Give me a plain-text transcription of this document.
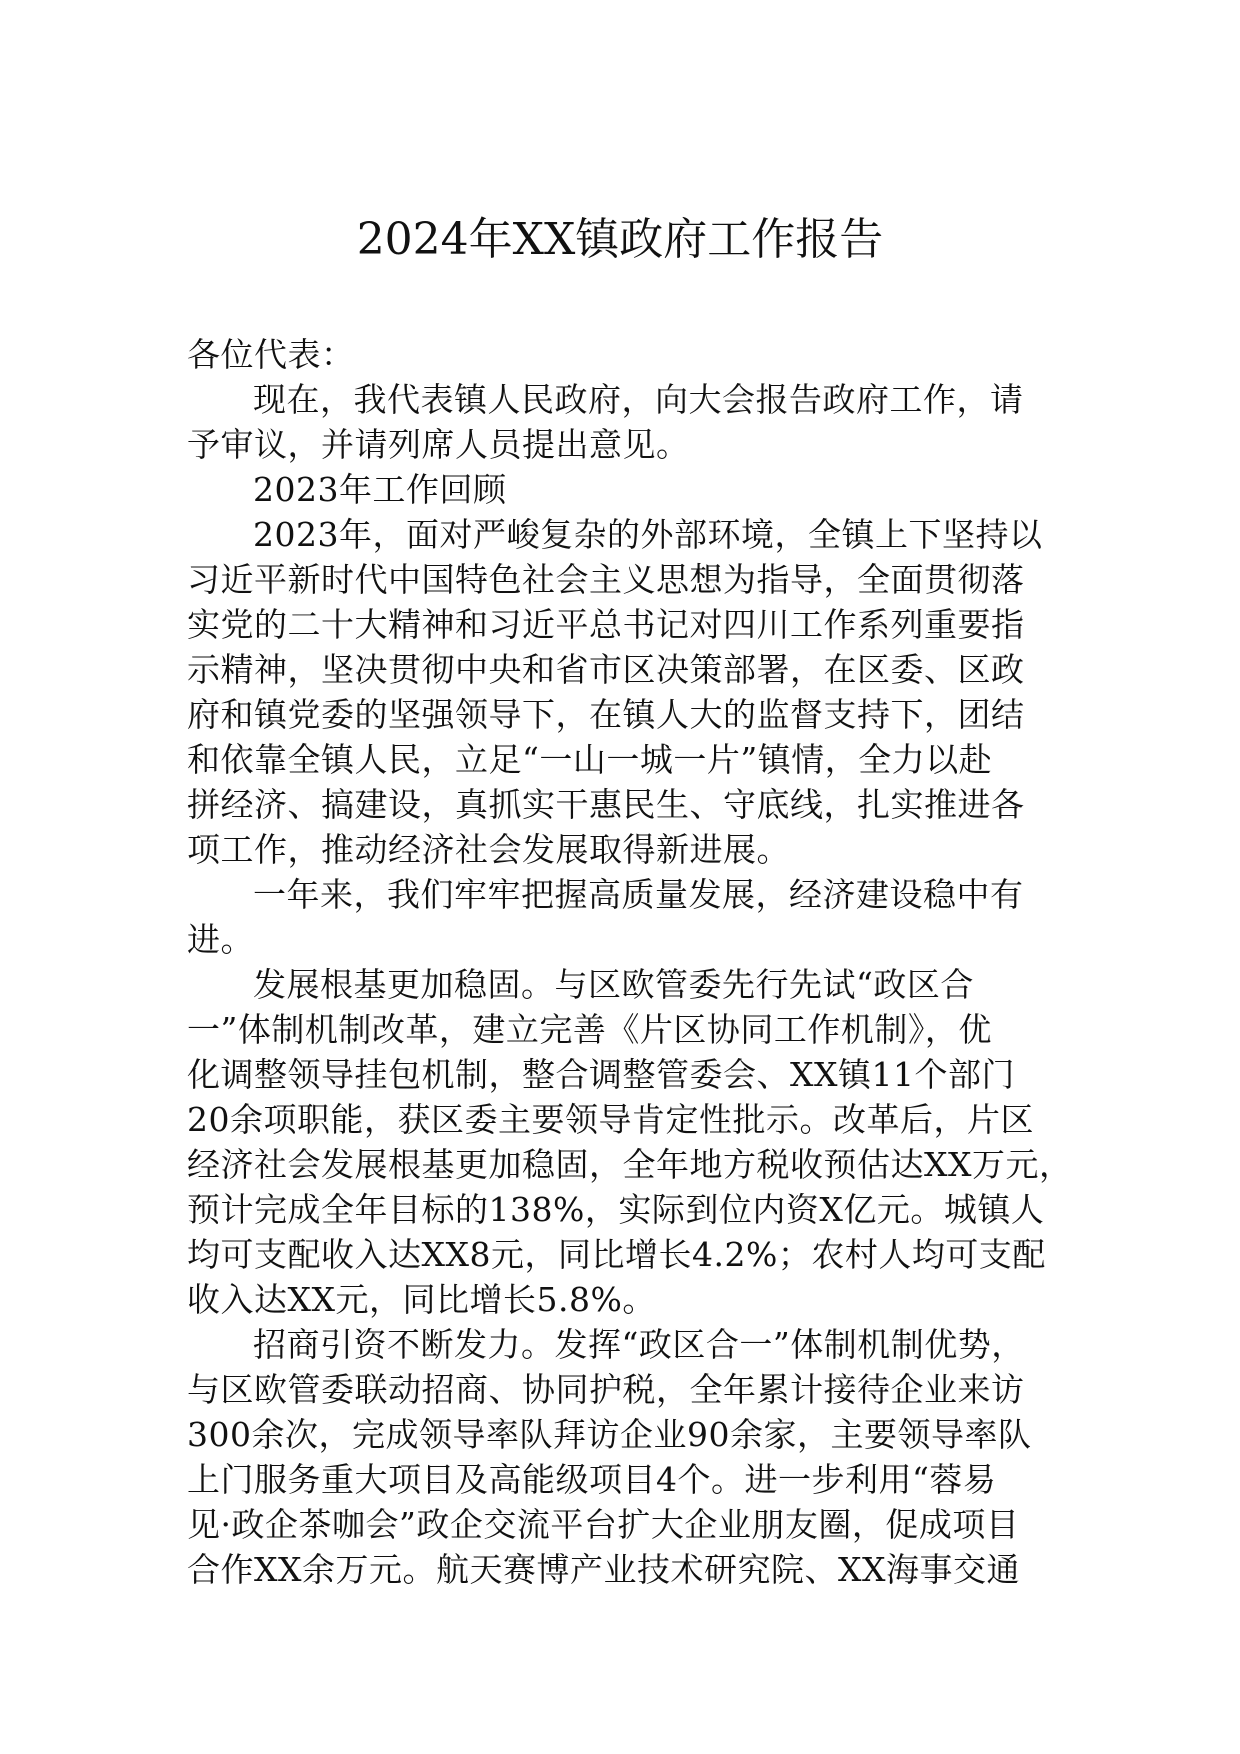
2024年XX镇政府工作报告
各位代表：
现在，我代表镇人民政府，向大会报告政府工作，请
予审议，并请列席人员提出意见。
2023年工作回顾
2023年，面对严峻复杂的外部环境，全镇上下坚持以
习近平新时代中国特色社会主义思想为指导，全面贯彻落
实党的二十大精神和习近平总书记对四川工作系列重要指
示精神，坚决贯彻中央和省市区决策部署，在区委、区政
府和镇党委的坚强领导下，在镇人大的监督支持下，团结
和依靠全镇人民，立足“一山一城一片”镇情，全力以赴
拼经济、搞建设，真抓实干惠民生、守底线，扎实推进各
项工作，推动经济社会发展取得新进展。
一年来，我们牢牢把握高质量发展，经济建设稳中有
进。
发展根基更加稳固。与区欧管委先行先试“政区合
一”体制机制改革，建立完善《片区协同工作机制》，优
化调整领导挂包机制，整合调整管委会、XX镇11个部门
20余项职能，获区委主要领导肯定性批示。改革后，片区
经济社会发展根基更加稳固，全年地方税收预估达XX万元，
预计完成全年目标的138%，实际到位内资X亿元。城镇人
均可支配收入达XX8元，同比增长4.2%；农村人均可支配
收入达XX元，同比增长5.8%。
招商引资不断发力。发挥“政区合一”体制机制优势，
与区欧管委联动招商、协同护税，全年累计接待企业来访
300余次，完成领导率队拜访企业90余家，主要领导率队
上门服务重大项目及高能级项目4个。进一步利用“蓉易
见·政企茶咖会”政企交流平台扩大企业朋友圈，促成项目
合作XX余万元。航天赛博产业技术研究院、XX海事交通
